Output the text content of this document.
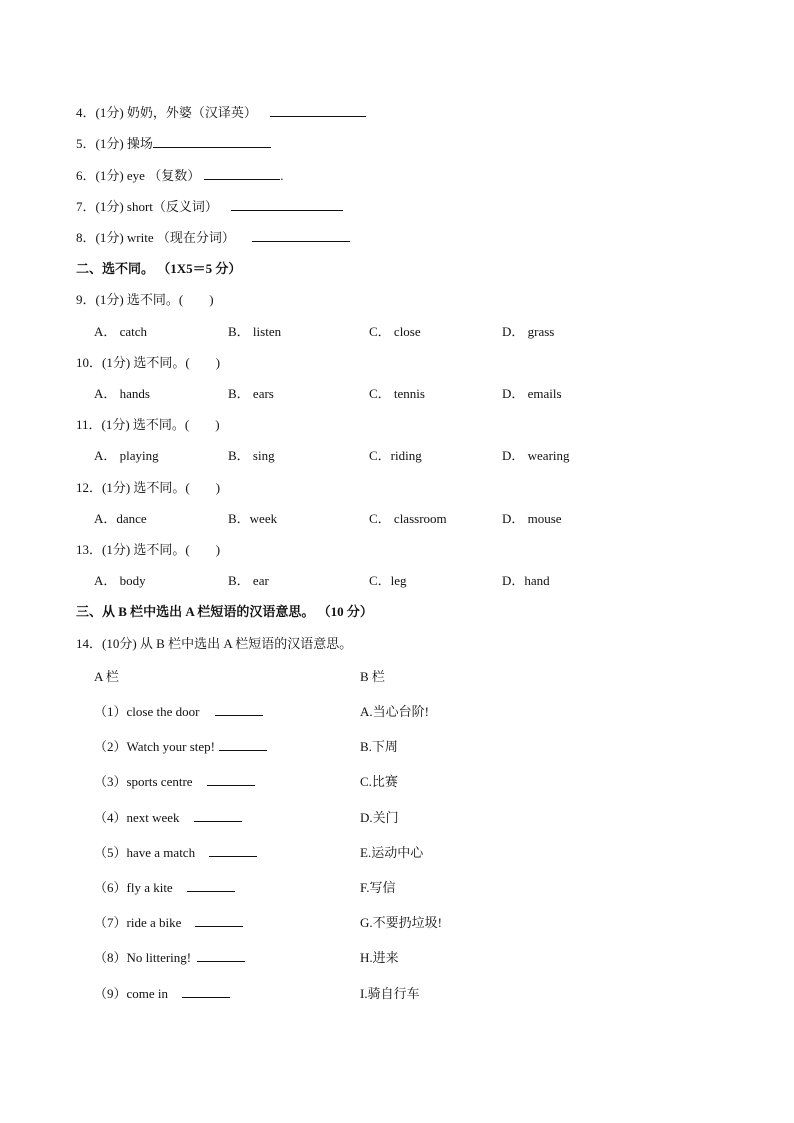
4．(1分) 奶奶，外婆（汉译英）
5．(1分) 操场
6．(1分) eye （复数）	.
7．(1分) short（反义词）
8．(1分) write （现在分词）
二、选不同。 （1X5＝5 分）
9．(1分) 选不同。(　　)
A． catch	B． listen	C． close	D． grass
10．(1分) 选不同。(　　)
A． hands	B． ears	C． tennis	D． emails
11．(1分) 选不同。(　　)
A． playing	B． sing	C．riding	D． wearing
12．(1分) 选不同。(　　)
A．dance	B．week	C． classroom	D． mouse
13．(1分) 选不同。(　　)
A． body	B． ear	C．leg	D．hand
三、从 B 栏中选出 A 栏短语的汉语意思。 （10 分）
14．(10分) 从 B 栏中选出 A 栏短语的汉语意思。
A 栏	B 栏
（1）close the door	A.当心台阶!
（2）Watch your step!	B.下周
（3）sports centre	C.比赛
（4）next week	D.关门
（5）have a match	E.运动中心
（6）fly a kite	F.写信
（7）ride a bike	G.不要扔垃圾!
（8）No littering!	H.进来
（9）come in	I.骑自行车
